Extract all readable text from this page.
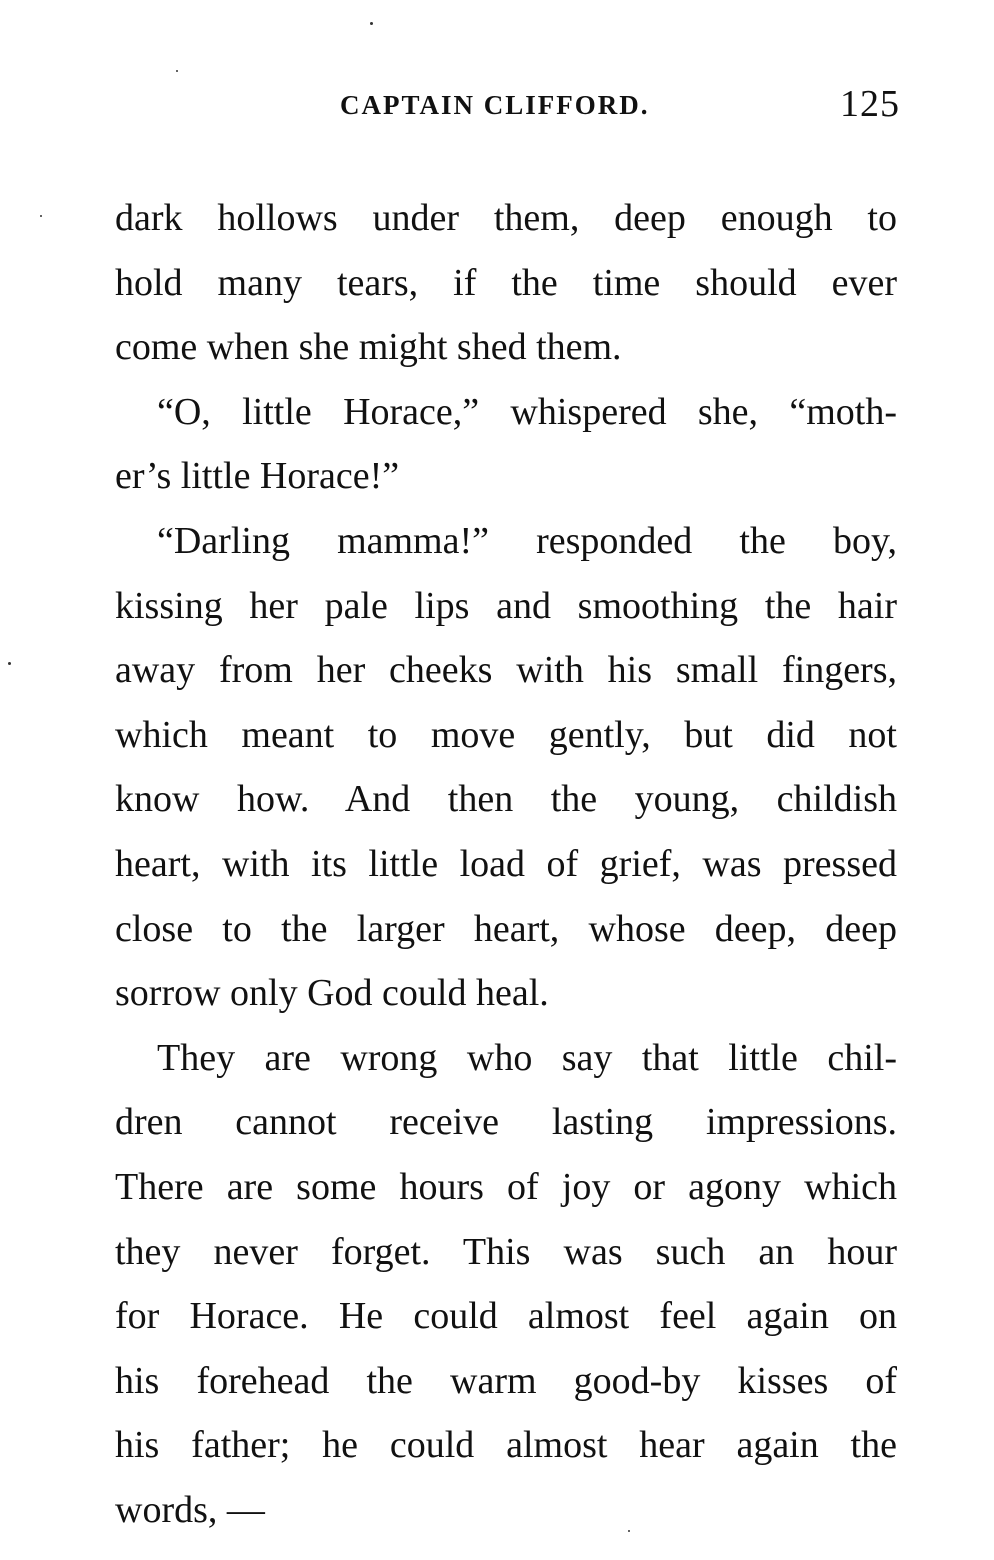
CAPTAIN CLIFFORD.	125
dark hollows under them, deep enough to
hold many tears, if the time should ever
come when she might shed them.
“O, little Horace,” whispered she, “moth-
er’s little Horace!”
“Darling mamma!” responded the boy,
kissing her pale lips and smoothing the hair
away from her cheeks with his small fingers,
which meant to move gently, but did not
know how. And then the young, childish
heart, with its little load of grief, was pressed
close to the larger heart, whose deep, deep
sorrow only God could heal.
They are wrong who say that little chil-
dren cannot receive lasting impressions.
There are some hours of joy or agony which
they never forget. This was such an hour
for Horace. He could almost feel again on
his forehead the warm good-by kisses of
his father; he could almost hear again the
words, —
